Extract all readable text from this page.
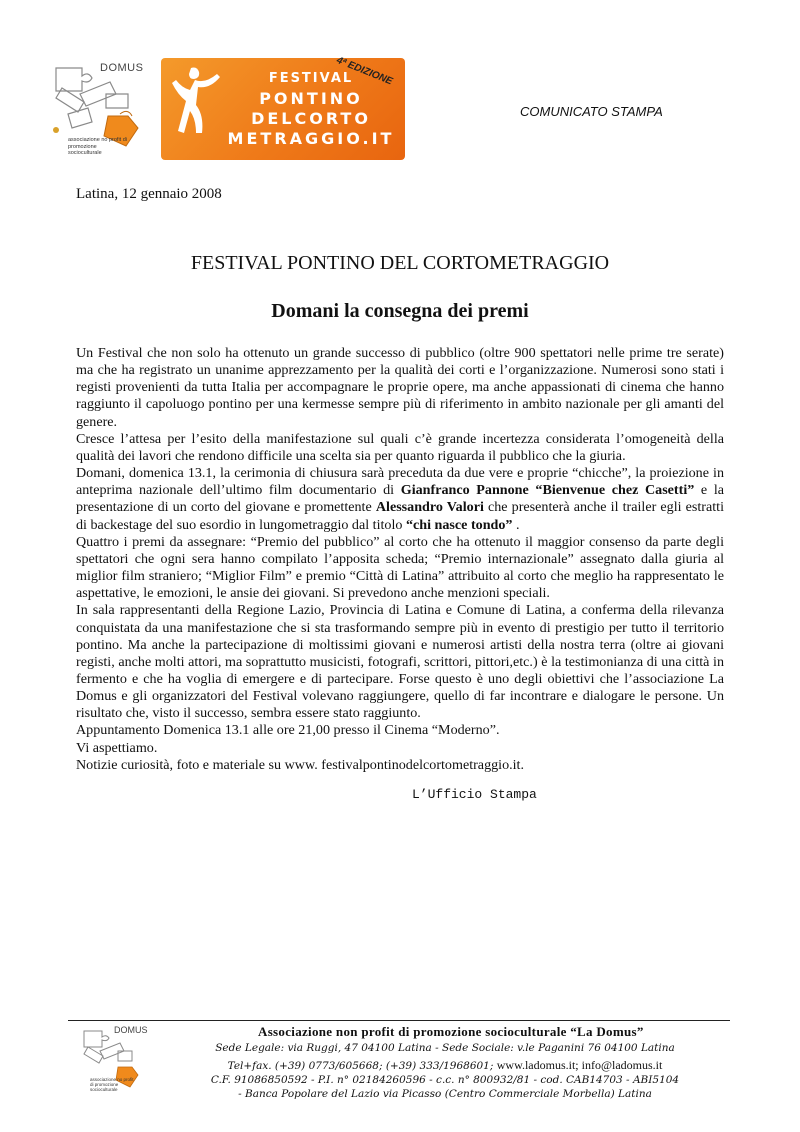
DOMUS
associazione no profit di promozione socioculturale
FESTIVAL
PONTINO
DELCORTO
METRAGGIO.IT
4ª EDIZIONE
COMUNICATO STAMPA
Latina, 12 gennaio 2008
FESTIVAL PONTINO DEL CORTOMETRAGGIO
Domani la consegna dei premi

Un Festival che non solo ha ottenuto un grande successo di pubblico (oltre 900 spettatori nelle prime tre serate) ma che ha registrato un unanime apprezzamento per la qualità dei corti e l’organizzazione. Numerosi sono stati i registi provenienti da tutta Italia per accompagnare le proprie opere, ma anche appassionati di cinema che hanno raggiunto il capoluogo pontino per una kermesse sempre più di riferimento in ambito nazionale per gli amanti del genere.

Cresce l’attesa per l’esito della manifestazione sul quali c’è grande incertezza considerata l’omogeneità della qualità dei lavori che rendono difficile una scelta sia per quanto riguarda il pubblico che la giuria.

Domani, domenica 13.1, la cerimonia di chiusura sarà preceduta da due vere e proprie “chicche”, la proiezione in anteprima nazionale dell’ultimo film documentario di Gianfranco Pannone “Bienvenue chez Casetti” e la presentazione di un corto del giovane e promettente Alessandro Valori che presenterà anche il trailer egli estratti di backestage del suo esordio in lungometraggio dal titolo “chi nasce tondo” .

Quattro i premi da assegnare: “Premio del pubblico” al corto che ha ottenuto il maggior consenso da parte degli spettatori che ogni sera hanno compilato l’apposita scheda; “Premio internazionale” assegnato dalla giuria al miglior film straniero; “Miglior Film” e premio “Città di Latina” attribuito al corto che meglio ha rappresentato le aspettative, le emozioni, le ansie dei giovani. Si prevedono anche menzioni speciali.

In sala rappresentanti della Regione Lazio, Provincia di Latina e Comune di Latina, a conferma della rilevanza conquistata da una manifestazione che si sta trasformando sempre più in evento di prestigio per tutto il territorio pontino. Ma anche la partecipazione di moltissimi giovani e numerosi artisti della nostra terra (oltre ai giovani registi, anche molti attori, ma soprattutto musicisti, fotografi, scrittori, pittori,etc.) è la testimonianza di una città in fermento e che ha voglia di emergere e di partecipare. Forse questo è uno degli obiettivi che l’associazione La Domus e gli organizzatori del Festival volevano raggiungere, quello di far incontrare e dialogare le persone. Un risultato che, visto il successo, sembra essere stato raggiunto.

Appuntamento Domenica 13.1 alle ore 21,00 presso il Cinema “Moderno”.

Vi aspettiamo.

Notizie curiosità, foto e materiale su www. festivalpontinodelcortometraggio.it.

L’Ufficio Stampa
DOMUS
associazione no profit di promozione socioculturale
Associazione non profit di promozione socioculturale “La Domus”
Sede Legale: via Ruggi, 47 04100 Latina - Sede Sociale: v.le Paganini 76 04100 Latina
Tel+fax. (+39) 0773/605668; (+39) 333/1968601; www.ladomus.it; info@ladomus.it
C.F. 91086850592 - P.I. n° 02184260596 - c.c. n° 800932/81 - cod. CAB14703 - ABI5104
- Banca Popolare del Lazio via Picasso (Centro Commerciale Morbella) Latina
